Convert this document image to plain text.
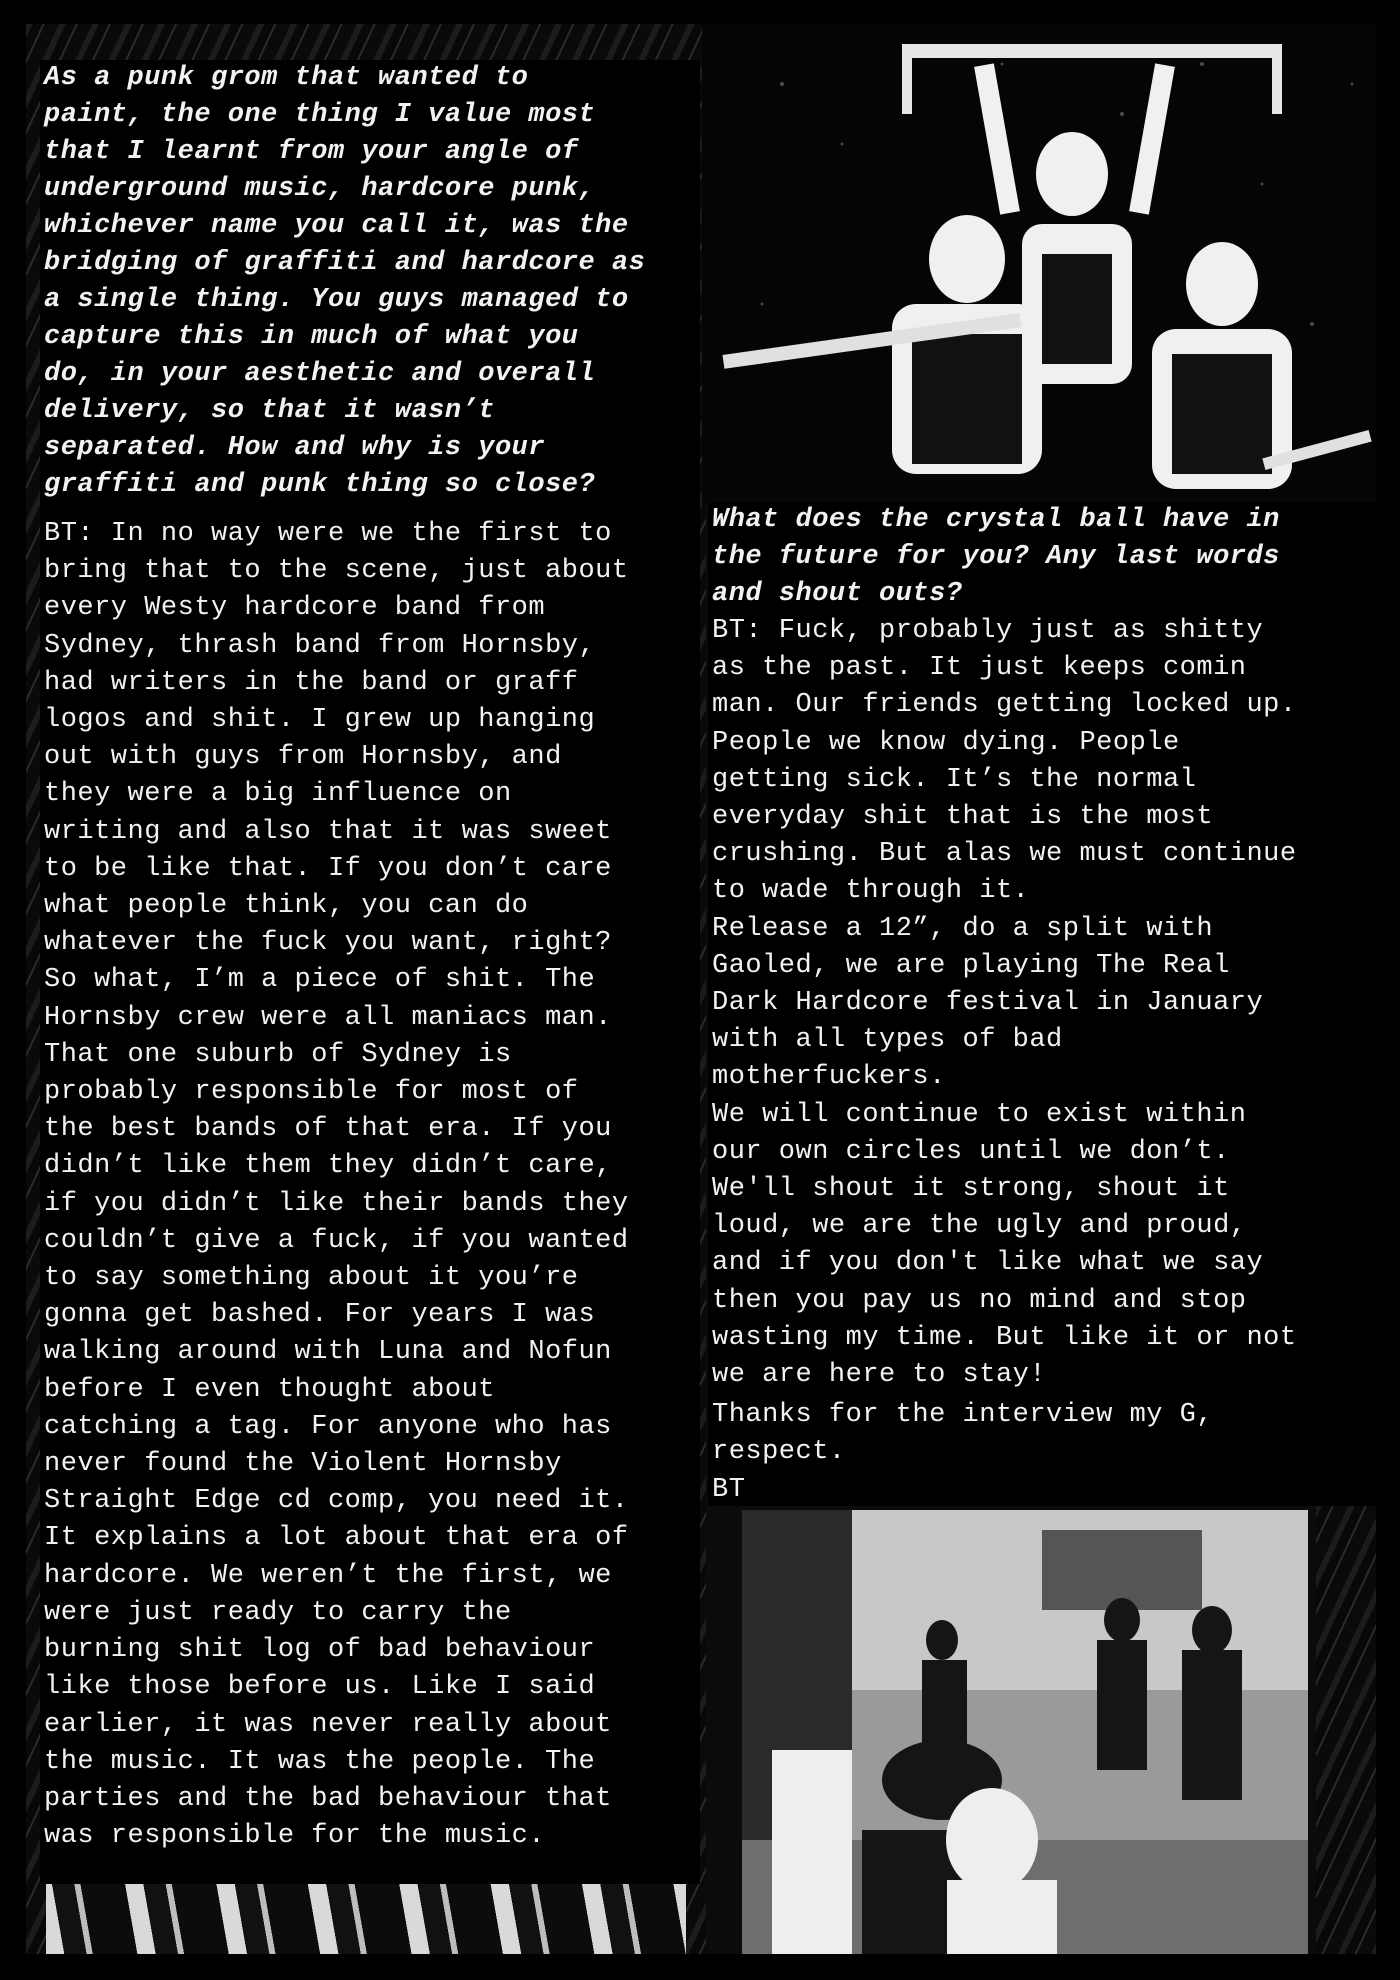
As a punk grom that wanted to
paint, the one thing I value most
that I learnt from your angle of
underground music, hardcore punk,
whichever name you call it, was the
bridging of graffiti and hardcore as
a single thing. You guys managed to
capture this in much of what you
do, in your aesthetic and overall
delivery, so that it wasn’t
separated. How and why is your
graffiti and punk thing so close?

BT: In no way were we the first to
bring that to the scene, just about
every Westy hardcore band from
Sydney, thrash band from Hornsby,
had writers in the band or graff
logos and shit. I grew up hanging
out with guys from Hornsby, and
they were a big influence on
writing and also that it was sweet
to be like that. If you don’t care
what people think, you can do
whatever the fuck you want, right?
So what, I’m a piece of shit. The
Hornsby crew were all maniacs man.
That one suburb of Sydney is
probably responsible for most of
the best bands of that era. If you
didn’t like them they didn’t care,
if you didn’t like their bands they
couldn’t give a fuck, if you wanted
to say something about it you’re
gonna get bashed. For years I was
walking around with Luna and Nofun
before I even thought about
catching a tag. For anyone who has
never found the Violent Hornsby
Straight Edge cd comp, you need it.
It explains a lot about that era of
hardcore. We weren’t the first, we
were just ready to carry the
burning shit log of bad behaviour
like those before us. Like I said
earlier, it was never really about
the music. It was the people. The
parties and the bad behaviour that
was responsible for the music.

What does the crystal ball have in
the future for you? Any last words
and shout outs?

BT: Fuck, probably just as shitty
as the past. It just keeps comin
man. Our friends getting locked up.
People we know dying. People
getting sick. It’s the normal
everyday shit that is the most
crushing. But alas we must continue
to wade through it.
Release a 12”, do a split with
Gaoled, we are playing The Real
Dark Hardcore festival in January
with all types of bad
motherfuckers.
We will continue to exist within
our own circles until we don’t.
We'll shout it strong, shout it
loud, we are the ugly and proud,
and if you don't like what we say
then you pay us no mind and stop
wasting my time. But like it or not
we are here to stay!

Thanks for the interview my G,
respect.

BT
